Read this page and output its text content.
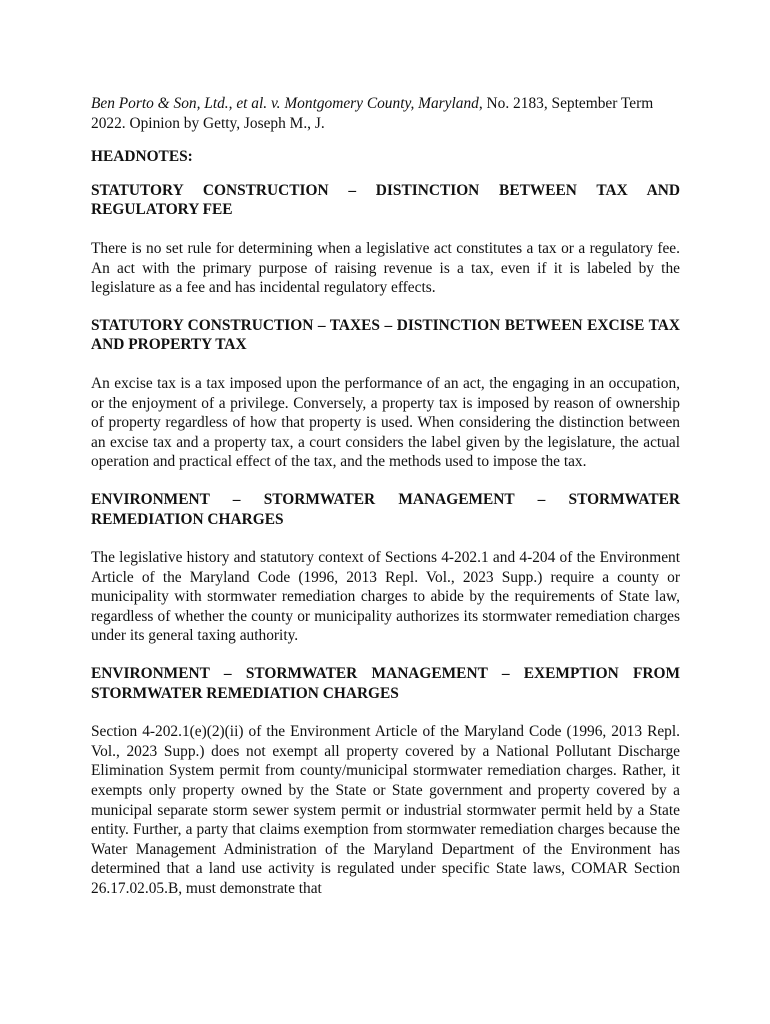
Ben Porto & Son, Ltd., et al. v. Montgomery County, Maryland, No. 2183, September Term 2022. Opinion by Getty, Joseph M., J.

HEADNOTES:

STATUTORY CONSTRUCTION – DISTINCTION BETWEEN TAX AND REGULATORY FEE

There is no set rule for determining when a legislative act constitutes a tax or a regulatory fee. An act with the primary purpose of raising revenue is a tax, even if it is labeled by the legislature as a fee and has incidental regulatory effects.

STATUTORY CONSTRUCTION – TAXES – DISTINCTION BETWEEN EXCISE TAX AND PROPERTY TAX

An excise tax is a tax imposed upon the performance of an act, the engaging in an occupation, or the enjoyment of a privilege. Conversely, a property tax is imposed by reason of ownership of property regardless of how that property is used. When considering the distinction between an excise tax and a property tax, a court considers the label given by the legislature, the actual operation and practical effect of the tax, and the methods used to impose the tax.

ENVIRONMENT – STORMWATER MANAGEMENT – STORMWATER REMEDIATION CHARGES

The legislative history and statutory context of Sections 4-202.1 and 4-204 of the Environment Article of the Maryland Code (1996, 2013 Repl. Vol., 2023 Supp.) require a county or municipality with stormwater remediation charges to abide by the requirements of State law, regardless of whether the county or municipality authorizes its stormwater remediation charges under its general taxing authority.

ENVIRONMENT – STORMWATER MANAGEMENT – EXEMPTION FROM STORMWATER REMEDIATION CHARGES

Section 4-202.1(e)(2)(ii) of the Environment Article of the Maryland Code (1996, 2013 Repl. Vol., 2023 Supp.) does not exempt all property covered by a National Pollutant Discharge Elimination System permit from county/municipal stormwater remediation charges. Rather, it exempts only property owned by the State or State government and property covered by a municipal separate storm sewer system permit or industrial stormwater permit held by a State entity. Further, a party that claims exemption from stormwater remediation charges because the Water Management Administration of the Maryland Department of the Environment has determined that a land use activity is regulated under specific State laws, COMAR Section 26.17.02.05.B, must demonstrate that
